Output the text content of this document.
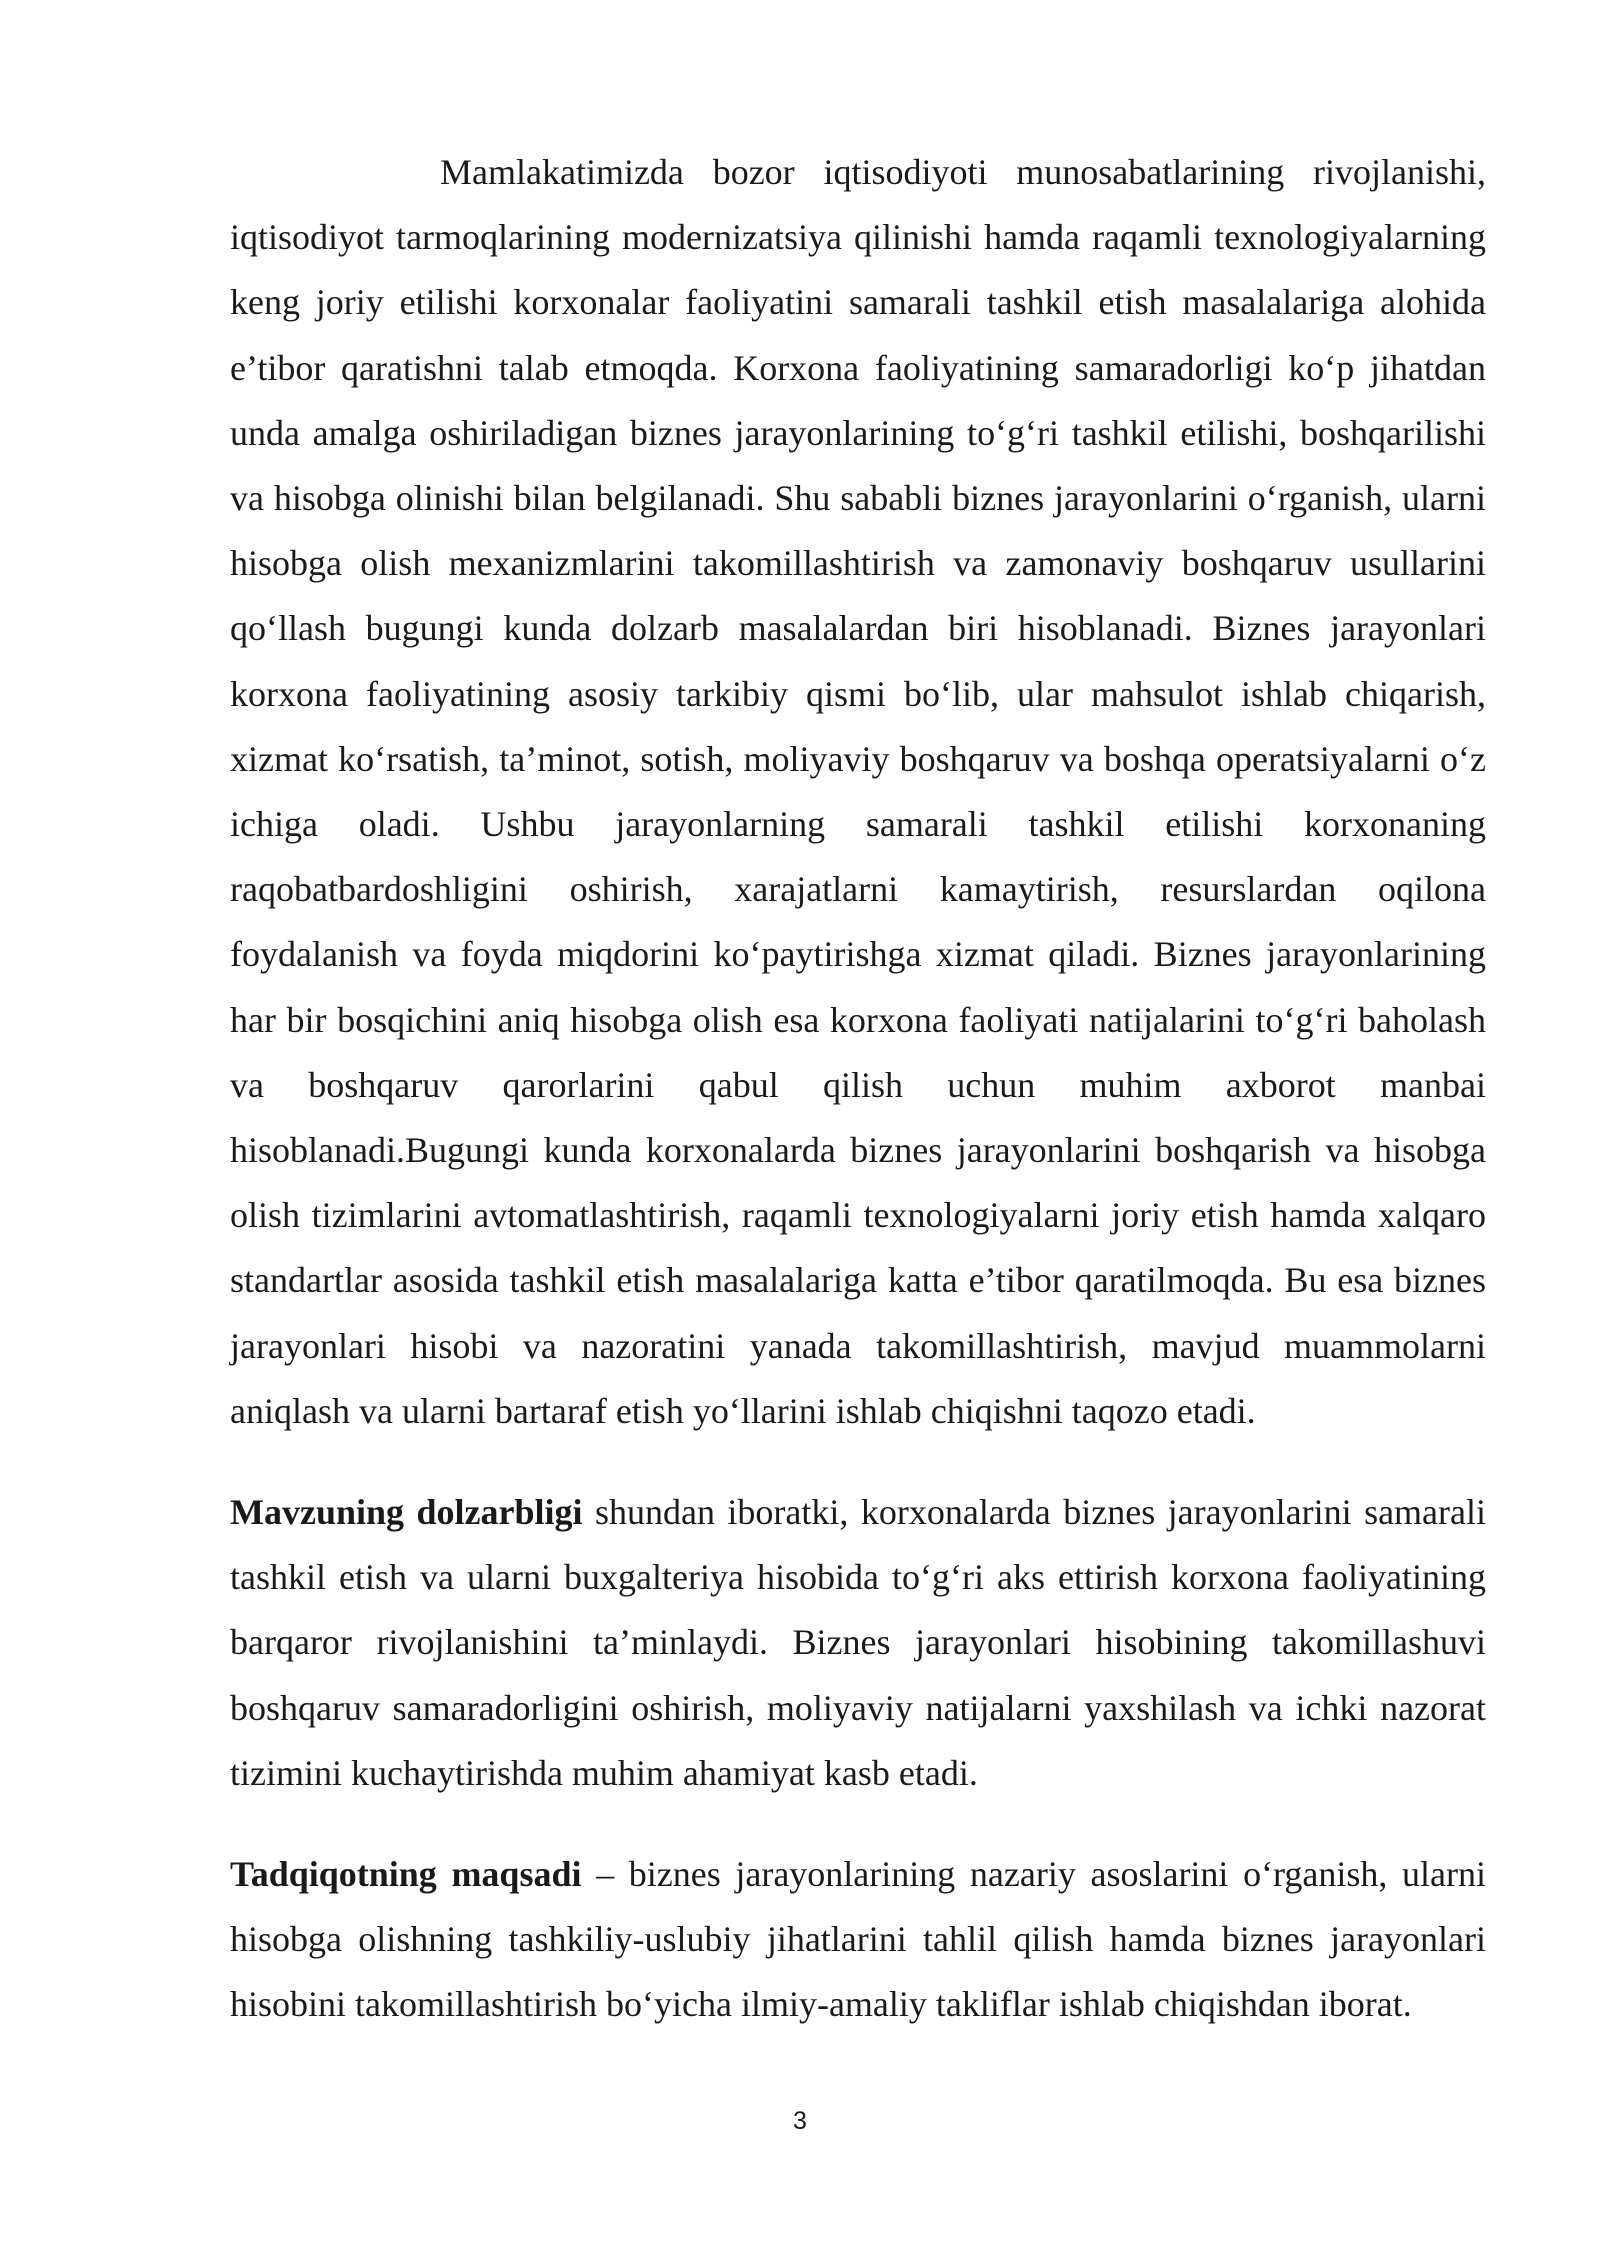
Mamlakatimizda bozor iqtisodiyoti munosabatlarining rivojlanishi, iqtisodiyot tarmoqlarining modernizatsiya qilinishi hamda raqamli texnologiyalarning keng joriy etilishi korxonalar faoliyatini samarali tashkil etish masalalariga alohida e’tibor qaratishni talab etmoqda. Korxona faoliyatining samaradorligi ko‘p jihatdan unda amalga oshiriladigan biznes jarayonlarining to‘g‘ri tashkil etilishi, boshqarilishi va hisobga olinishi bilan belgilanadi. Shu sababli biznes jarayonlarini o‘rganish, ularni hisobga olish mexanizmlarini takomillashtirish va zamonaviy boshqaruv usullarini qo‘llash bugungi kunda dolzarb masalalardan biri hisoblanadi. Biznes jarayonlari korxona faoliyatining asosiy tarkibiy qismi bo‘lib, ular mahsulot ishlab chiqarish, xizmat ko‘rsatish, ta’minot, sotish, moliyaviy boshqaruv va boshqa operatsiyalarni o‘z ichiga oladi. Ushbu jarayonlarning samarali tashkil etilishi korxonaning raqobatbardoshligini oshirish, xarajatlarni kamaytirish, resurslardan oqilona foydalanish va foyda miqdorini ko‘paytirishga xizmat qiladi. Biznes jarayonlarining har bir bosqichini aniq hisobga olish esa korxona faoliyati natijalarini to‘g‘ri baholash va boshqaruv qarorlarini qabul qilish uchun muhim axborot manbai hisoblanadi.Bugungi kunda korxonalarda biznes jarayonlarini boshqarish va hisobga olish tizimlarini avtomatlashtirish, raqamli texnologiyalarni joriy etish hamda xalqaro standartlar asosida tashkil etish masalalariga katta e’tibor qaratilmoqda. Bu esa biznes jarayonlari hisobi va nazoratini yanada takomillashtirish, mavjud muammolarni aniqlash va ularni bartaraf etish yo‘llarini ishlab chiqishni taqozo etadi.

Mavzuning dolzarbligi shundan iboratki, korxonalarda biznes jarayonlarini samarali tashkil etish va ularni buxgalteriya hisobida to‘g‘ri aks ettirish korxona faoliyatining barqaror rivojlanishini ta’minlaydi. Biznes jarayonlari hisobining takomillashuvi boshqaruv samaradorligini oshirish, moliyaviy natijalarni yaxshilash va ichki nazorat tizimini kuchaytirishda muhim ahamiyat kasb etadi.

Tadqiqotning maqsadi – biznes jarayonlarining nazariy asoslarini o‘rganish, ularni hisobga olishning tashkiliy-uslubiy jihatlarini tahlil qilish hamda biznes jarayonlari hisobini takomillashtirish bo‘yicha ilmiy-amaliy takliflar ishlab chiqishdan iborat.

3
